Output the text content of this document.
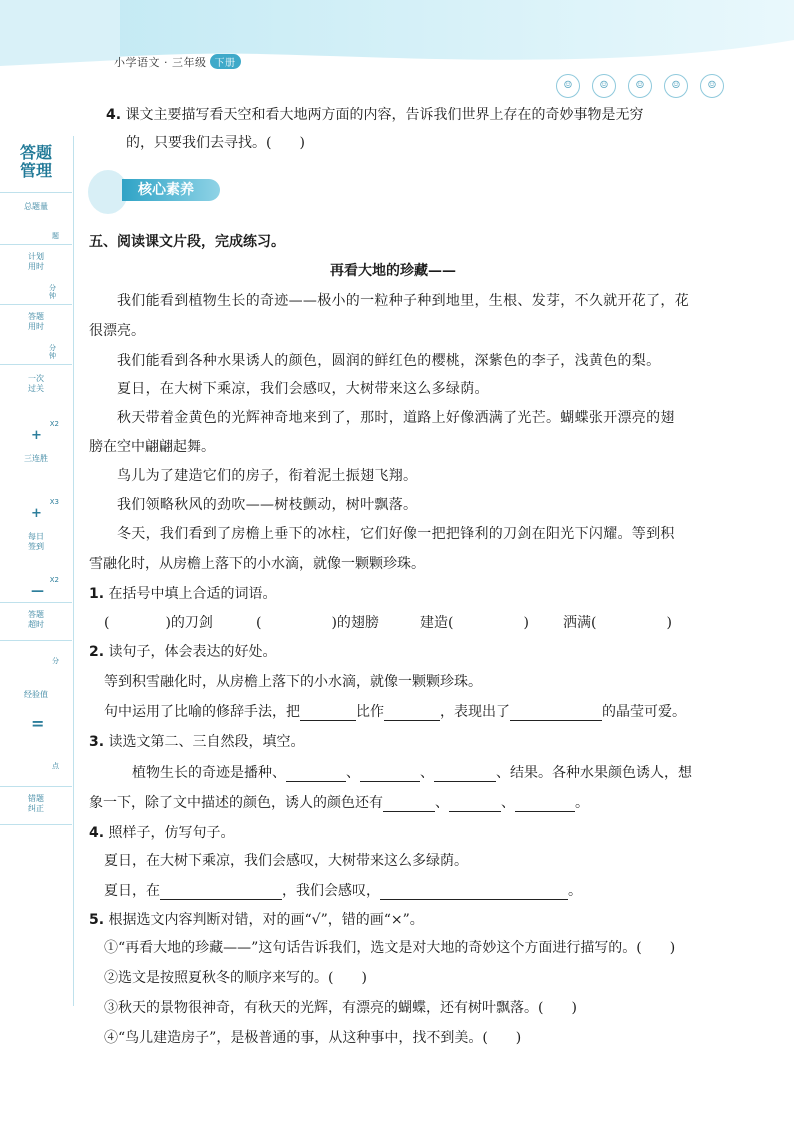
小学语文 · 三年级 下册
☺	☺	☺	☺	☺
答题
管理
总题量
题
计划用时
分钟
答题用时
分钟
一次过关
X2
+
三连胜
X3
+
每日签到
X2
—
答题超时
分
经验值
=
点
错题纠正
4. 课文主要描写看天空和看大地两方面的内容，告诉我们世界上存在的奇妙事物是无穷
的，只要我们去寻找。(　　)
核心素养
五、阅读课文片段，完成练习。
再看大地的珍藏——
我们能看到植物生长的奇迹——极小的一粒种子种到地里，生根、发芽，不久就开花了，花
很漂亮。
我们能看到各种水果诱人的颜色，圆润的鲜红色的樱桃，深紫色的李子，浅黄色的梨。
夏日，在大树下乘凉，我们会感叹，大树带来这么多绿荫。
秋天带着金黄色的光辉神奇地来到了，那时，道路上好像洒满了光芒。蝴蝶张开漂亮的翅
膀在空中翩翩起舞。
鸟儿为了建造它们的房子，衔着泥土振翅飞翔。
我们领略秋风的劲吹——树枝颤动，树叶飘落。
冬天，我们看到了房檐上垂下的冰柱，它们好像一把把锋利的刀剑在阳光下闪耀。等到积
雪融化时，从房檐上落下的小水滴，就像一颗颗珍珠。
1. 在括号中填上合适的词语。
(　　　　)的刀剑	(　　　　　)的翅膀	建造(　　　　　) 洒满(　　　　　)
2. 读句子，体会表达的好处。
等到积雪融化时，从房檐上落下的小水滴，就像一颗颗珍珠。
句中运用了比喻的修辞手法，把	比作	，表现出了	的晶莹可爱。
3. 读选文第二、三自然段，填空。
植物生长的奇迹是播种、	、	、	、结果。各种水果颜色诱人，想
象一下，除了文中描述的颜色，诱人的颜色还有	、	、	。
4. 照样子，仿写句子。
夏日，在大树下乘凉，我们会感叹，大树带来这么多绿荫。
夏日，在	，我们会感叹，	。
5. 根据选文内容判断对错，对的画“√”，错的画“×”。
①“再看大地的珍藏——”这句话告诉我们，选文是对大地的奇妙这个方面进行描写的。(　　)
②选文是按照夏秋冬的顺序来写的。(　　)
③秋天的景物很神奇，有秋天的光辉，有漂亮的蝴蝶，还有树叶飘落。(　　)
④“鸟儿建造房子”，是极普通的事，从这种事中，找不到美。(　　)
